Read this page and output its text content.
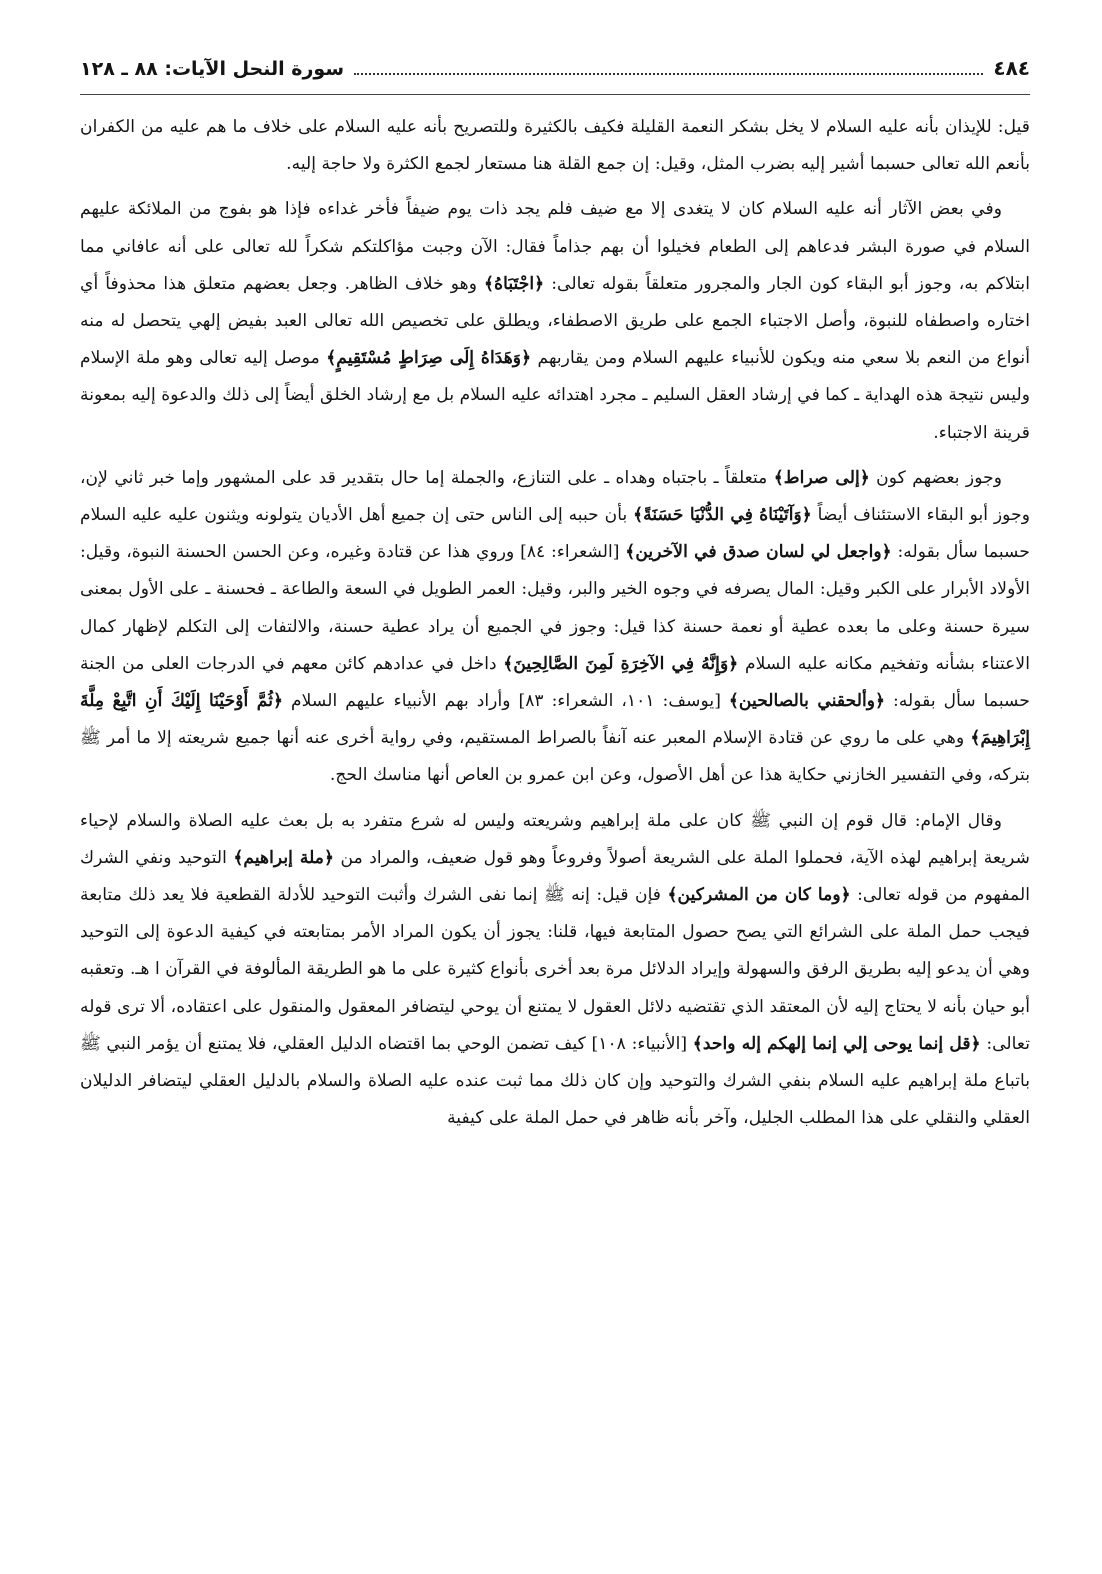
٤٨٤
سورة النحل الآيات: ٨٨ ـ ١٢٨

قيل: للإيذان بأنه عليه السلام لا يخل بشكر النعمة القليلة فكيف بالكثيرة وللتصريح بأنه عليه السلام على خلاف ما هم عليه من الكفران بأنعم الله تعالى حسبما أشير إليه بضرب المثل، وقيل: إن جمع القلة هنا مستعار لجمع الكثرة ولا حاجة إليه.

وفي بعض الآثار أنه عليه السلام كان لا يتغدى إلا مع ضيف فلم يجد ذات يوم ضيفاً فأخر غداءه فإذا هو بفوج من الملائكة عليهم السلام في صورة البشر فدعاهم إلى الطعام فخيلوا أن بهم جذاماً فقال: الآن وجبت مؤاكلتكم شكراً لله تعالى على أنه عافاني مما ابتلاكم به، وجوز أبو البقاء كون الجار والمجرور متعلقاً بقوله تعالى: ﴿اجْتَبَاهُ﴾ وهو خلاف الظاهر. وجعل بعضهم متعلق هذا محذوفاً أي اختاره واصطفاه للنبوة، وأصل الاجتباء الجمع على طريق الاصطفاء، ويطلق على تخصيص الله تعالى العبد بفيض إلهي يتحصل له منه أنواع من النعم بلا سعي منه ويكون للأنبياء عليهم السلام ومن يقاربهم ﴿وَهَدَاهُ إِلَى صِرَاطٍ مُسْتَقِيمٍ﴾ موصل إليه تعالى وهو ملة الإسلام وليس نتيجة هذه الهداية ـ كما في إرشاد العقل السليم ـ مجرد اهتدائه عليه السلام بل مع إرشاد الخلق أيضاً إلى ذلك والدعوة إليه بمعونة قرينة الاجتباء.

وجوز بعضهم كون ﴿إلى صراط﴾ متعلقاً ـ باجتباه وهداه ـ على التنازع، والجملة إما حال بتقدير قد على المشهور وإما خبر ثاني لإن، وجوز أبو البقاء الاستئناف أيضاً ﴿وَآتَيْنَاهُ فِي الدُّنْيَا حَسَنَةً﴾ بأن حببه إلى الناس حتى إن جميع أهل الأديان يتولونه ويثنون عليه عليه السلام حسبما سأل بقوله: ﴿واجعل لي لسان صدق في الآخرين﴾ [الشعراء: ٨٤] وروي هذا عن قتادة وغيره، وعن الحسن الحسنة النبوة، وقيل: الأولاد الأبرار على الكبر وقيل: المال يصرفه في وجوه الخير والبر، وقيل: العمر الطويل في السعة والطاعة ـ فحسنة ـ على الأول بمعنى سيرة حسنة وعلى ما بعده عطية أو نعمة حسنة كذا قيل: وجوز في الجميع أن يراد عطية حسنة، والالتفات إلى التكلم لإظهار كمال الاعتناء بشأنه وتفخيم مكانه عليه السلام ﴿وَإِنَّهُ فِي الآخِرَةِ لَمِنَ الصَّالِحِينَ﴾ داخل في عدادهم كائن معهم في الدرجات العلى من الجنة حسبما سأل بقوله: ﴿وألحقني بالصالحين﴾ [يوسف: ١٠١، الشعراء: ٨٣] وأراد بهم الأنبياء عليهم السلام ﴿ثُمَّ أَوْحَيْنَا إِلَيْكَ أَنِ اتَّبِعْ مِلَّةَ إِبْرَاهِيمَ﴾ وهي على ما روي عن قتادة الإسلام المعبر عنه آنفاً بالصراط المستقيم، وفي رواية أخرى عنه أنها جميع شريعته إلا ما أمر ﷺ بتركه، وفي التفسير الخازني حكاية هذا عن أهل الأصول، وعن ابن عمرو بن العاص أنها مناسك الحج.

وقال الإمام: قال قوم إن النبي ﷺ كان على ملة إبراهيم وشريعته وليس له شرع متفرد به بل بعث عليه الصلاة والسلام لإحياء شريعة إبراهيم لهذه الآية، فحملوا الملة على الشريعة أصولاً وفروعاً وهو قول ضعيف، والمراد من ﴿ملة إبراهيم﴾ التوحيد ونفي الشرك المفهوم من قوله تعالى: ﴿وما كان من المشركين﴾ فإن قيل: إنه ﷺ إنما نفى الشرك وأثبت التوحيد للأدلة القطعية فلا يعد ذلك متابعة فيجب حمل الملة على الشرائع التي يصح حصول المتابعة فيها، قلنا: يجوز أن يكون المراد الأمر بمتابعته في كيفية الدعوة إلى التوحيد وهي أن يدعو إليه بطريق الرفق والسهولة وإيراد الدلائل مرة بعد أخرى بأنواع كثيرة على ما هو الطريقة المألوفة في القرآن ا هـ. وتعقبه أبو حيان بأنه لا يحتاج إليه لأن المعتقد الذي تقتضيه دلائل العقول لا يمتنع أن يوحي ليتضافر المعقول والمنقول على اعتقاده، ألا ترى قوله تعالى: ﴿قل إنما يوحى إلي إنما إلهكم إله واحد﴾ [الأنبياء: ١٠٨] كيف تضمن الوحي بما اقتضاه الدليل العقلي، فلا يمتنع أن يؤمر النبي ﷺ باتباع ملة إبراهيم عليه السلام بنفي الشرك والتوحيد وإن كان ذلك مما ثبت عنده عليه الصلاة والسلام بالدليل العقلي ليتضافر الدليلان العقلي والنقلي على هذا المطلب الجليل، وآخر بأنه ظاهر في حمل الملة على كيفية
